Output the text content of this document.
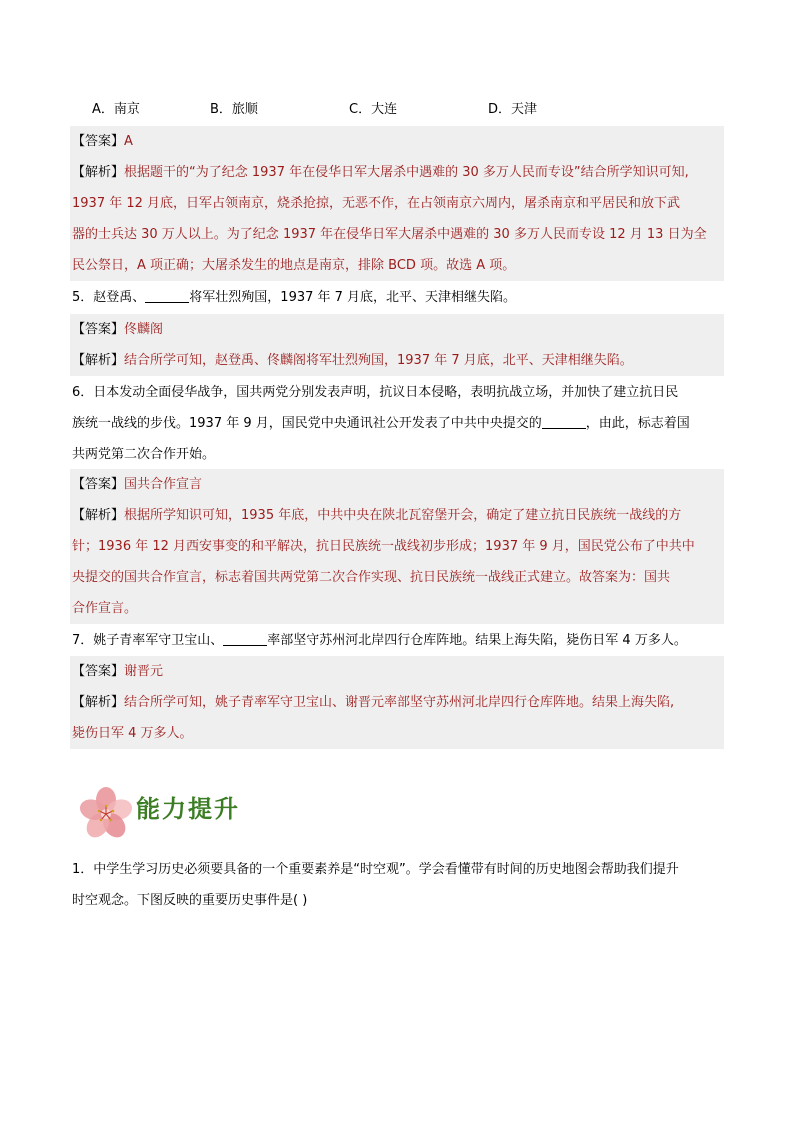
A．南京	B．旅顺	C．大连	D．天津
【答案】A
【解析】根据题干的“为了纪念 1937 年在侵华日军大屠杀中遇难的 30 多万人民而专设”结合所学知识可知,
1937 年 12 月底，日军占领南京，烧杀抢掠，无恶不作，在占领南京六周内，屠杀南京和平居民和放下武
器的士兵达 30 万人以上。为了纪念 1937 年在侵华日军大屠杀中遇难的 30 多万人民而专设 12 月 13 日为全
民公祭日，A 项正确；大屠杀发生的地点是南京，排除 BCD 项。故选 A 项。
5．赵登禹、	将军壮烈殉国，1937 年 7 月底，北平、天津相继失陷。
【答案】佟麟阁
【解析】结合所学可知，赵登禹、佟麟阁将军壮烈殉国，1937 年 7 月底，北平、天津相继失陷。
6．日本发动全面侵华战争，国共两党分别发表声明，抗议日本侵略，表明抗战立场，并加快了建立抗日民
族统一战线的步伐。1937 年 9 月，国民党中央通讯社公开发表了中共中央提交的	，由此，标志着国
共两党第二次合作开始。
【答案】国共合作宣言
【解析】根据所学知识可知，1935 年底，中共中央在陕北瓦窑堡开会，确定了建立抗日民族统一战线的方
针；1936 年 12 月西安事变的和平解决，抗日民族统一战线初步形成；1937 年 9 月，国民党公布了中共中
央提交的国共合作宣言，标志着国共两党第二次合作实现、抗日民族统一战线正式建立。故答案为：国共
合作宣言。
7．姚子青率军守卫宝山、	率部坚守苏州河北岸四行仓库阵地。结果上海失陷，毙伤日军 4 万多人。
【答案】谢晋元
【解析】结合所学可知，姚子青率军守卫宝山、谢晋元率部坚守苏州河北岸四行仓库阵地。结果上海失陷,
毙伤日军 4 万多人。
能力提升
1．中学生学习历史必须要具备的一个重要素养是“时空观”。学会看懂带有时间的历史地图会帮助我们提升
时空观念。下图反映的重要历史事件是( )
